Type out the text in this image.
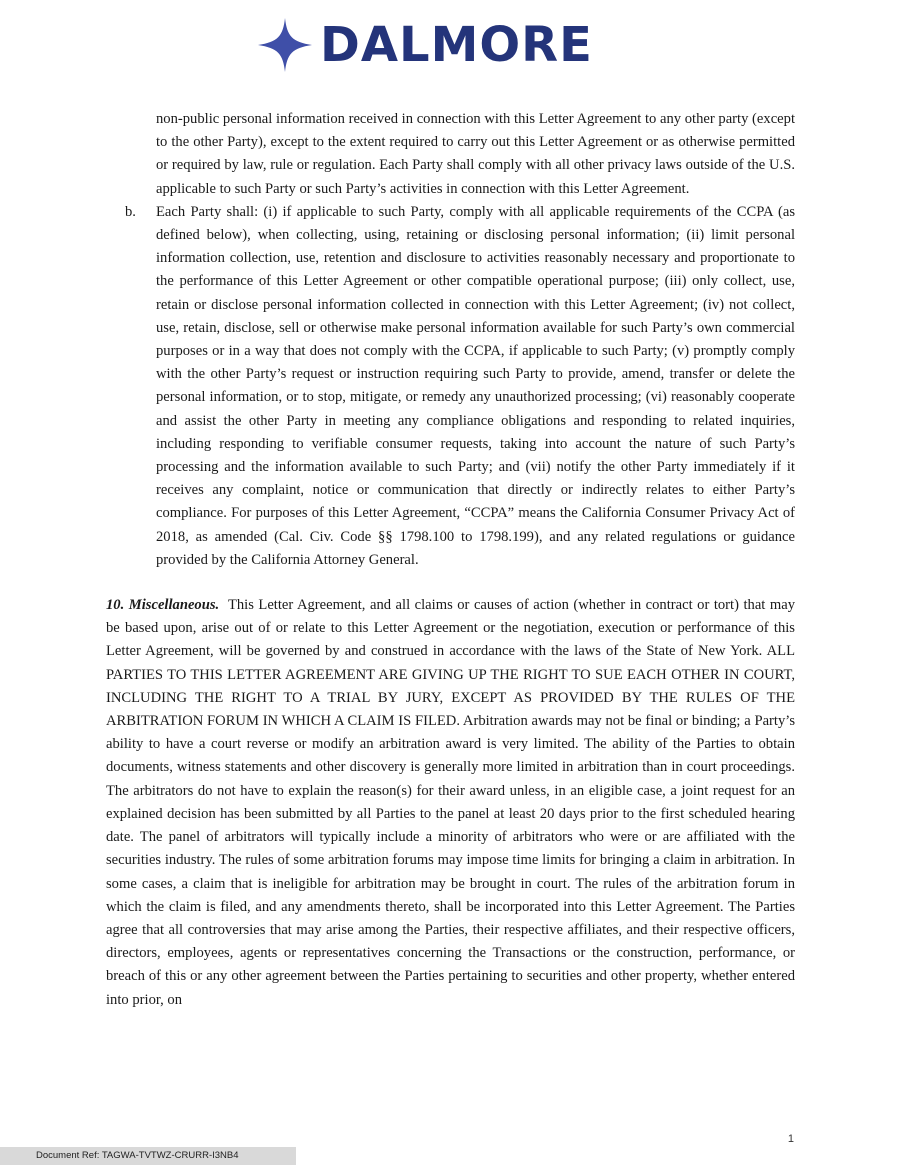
DALMORE

non-public personal information received in connection with this Letter Agreement to any other party (except to the other Party), except to the extent required to carry out this Letter Agreement or as otherwise permitted or required by law, rule or regulation. Each Party shall comply with all other privacy laws outside of the U.S. applicable to such Party or such Party’s activities in connection with this Letter Agreement.

b. Each Party shall: (i) if applicable to such Party, comply with all applicable requirements of the CCPA (as defined below), when collecting, using, retaining or disclosing personal information; (ii) limit personal information collection, use, retention and disclosure to activities reasonably necessary and proportionate to the performance of this Letter Agreement or other compatible operational purpose; (iii) only collect, use, retain or disclose personal information collected in connection with this Letter Agreement; (iv) not collect, use, retain, disclose, sell or otherwise make personal information available for such Party’s own commercial purposes or in a way that does not comply with the CCPA, if applicable to such Party; (v) promptly comply with the other Party’s request or instruction requiring such Party to provide, amend, transfer or delete the personal information, or to stop, mitigate, or remedy any unauthorized processing; (vi) reasonably cooperate and assist the other Party in meeting any compliance obligations and responding to related inquiries, including responding to verifiable consumer requests, taking into account the nature of such Party’s processing and the information available to such Party; and (vii) notify the other Party immediately if it receives any complaint, notice or communication that directly or indirectly relates to either Party’s compliance. For purposes of this Letter Agreement, “CCPA” means the California Consumer Privacy Act of 2018, as amended (Cal. Civ. Code §§ 1798.100 to 1798.199), and any related regulations or guidance provided by the California Attorney General.

10. Miscellaneous. This Letter Agreement, and all claims or causes of action (whether in contract or tort) that may be based upon, arise out of or relate to this Letter Agreement or the negotiation, execution or performance of this Letter Agreement, will be governed by and construed in accordance with the laws of the State of New York. ALL PARTIES TO THIS LETTER AGREEMENT ARE GIVING UP THE RIGHT TO SUE EACH OTHER IN COURT, INCLUDING THE RIGHT TO A TRIAL BY JURY, EXCEPT AS PROVIDED BY THE RULES OF THE ARBITRATION FORUM IN WHICH A CLAIM IS FILED. Arbitration awards may not be final or binding; a Party’s ability to have a court reverse or modify an arbitration award is very limited. The ability of the Parties to obtain documents, witness statements and other discovery is generally more limited in arbitration than in court proceedings. The arbitrators do not have to explain the reason(s) for their award unless, in an eligible case, a joint request for an explained decision has been submitted by all Parties to the panel at least 20 days prior to the first scheduled hearing date. The panel of arbitrators will typically include a minority of arbitrators who were or are affiliated with the securities industry. The rules of some arbitration forums may impose time limits for bringing a claim in arbitration. In some cases, a claim that is ineligible for arbitration may be brought in court. The rules of the arbitration forum in which the claim is filed, and any amendments thereto, shall be incorporated into this Letter Agreement. The Parties agree that all controversies that may arise among the Parties, their respective affiliates, and their respective officers, directors, employees, agents or representatives concerning the Transactions or the construction, performance, or breach of this or any other agreement between the Parties pertaining to securities and other property, whether entered into prior, on

1
Document Ref: TAGWA-TVTWZ-CRURR-I3NB4
